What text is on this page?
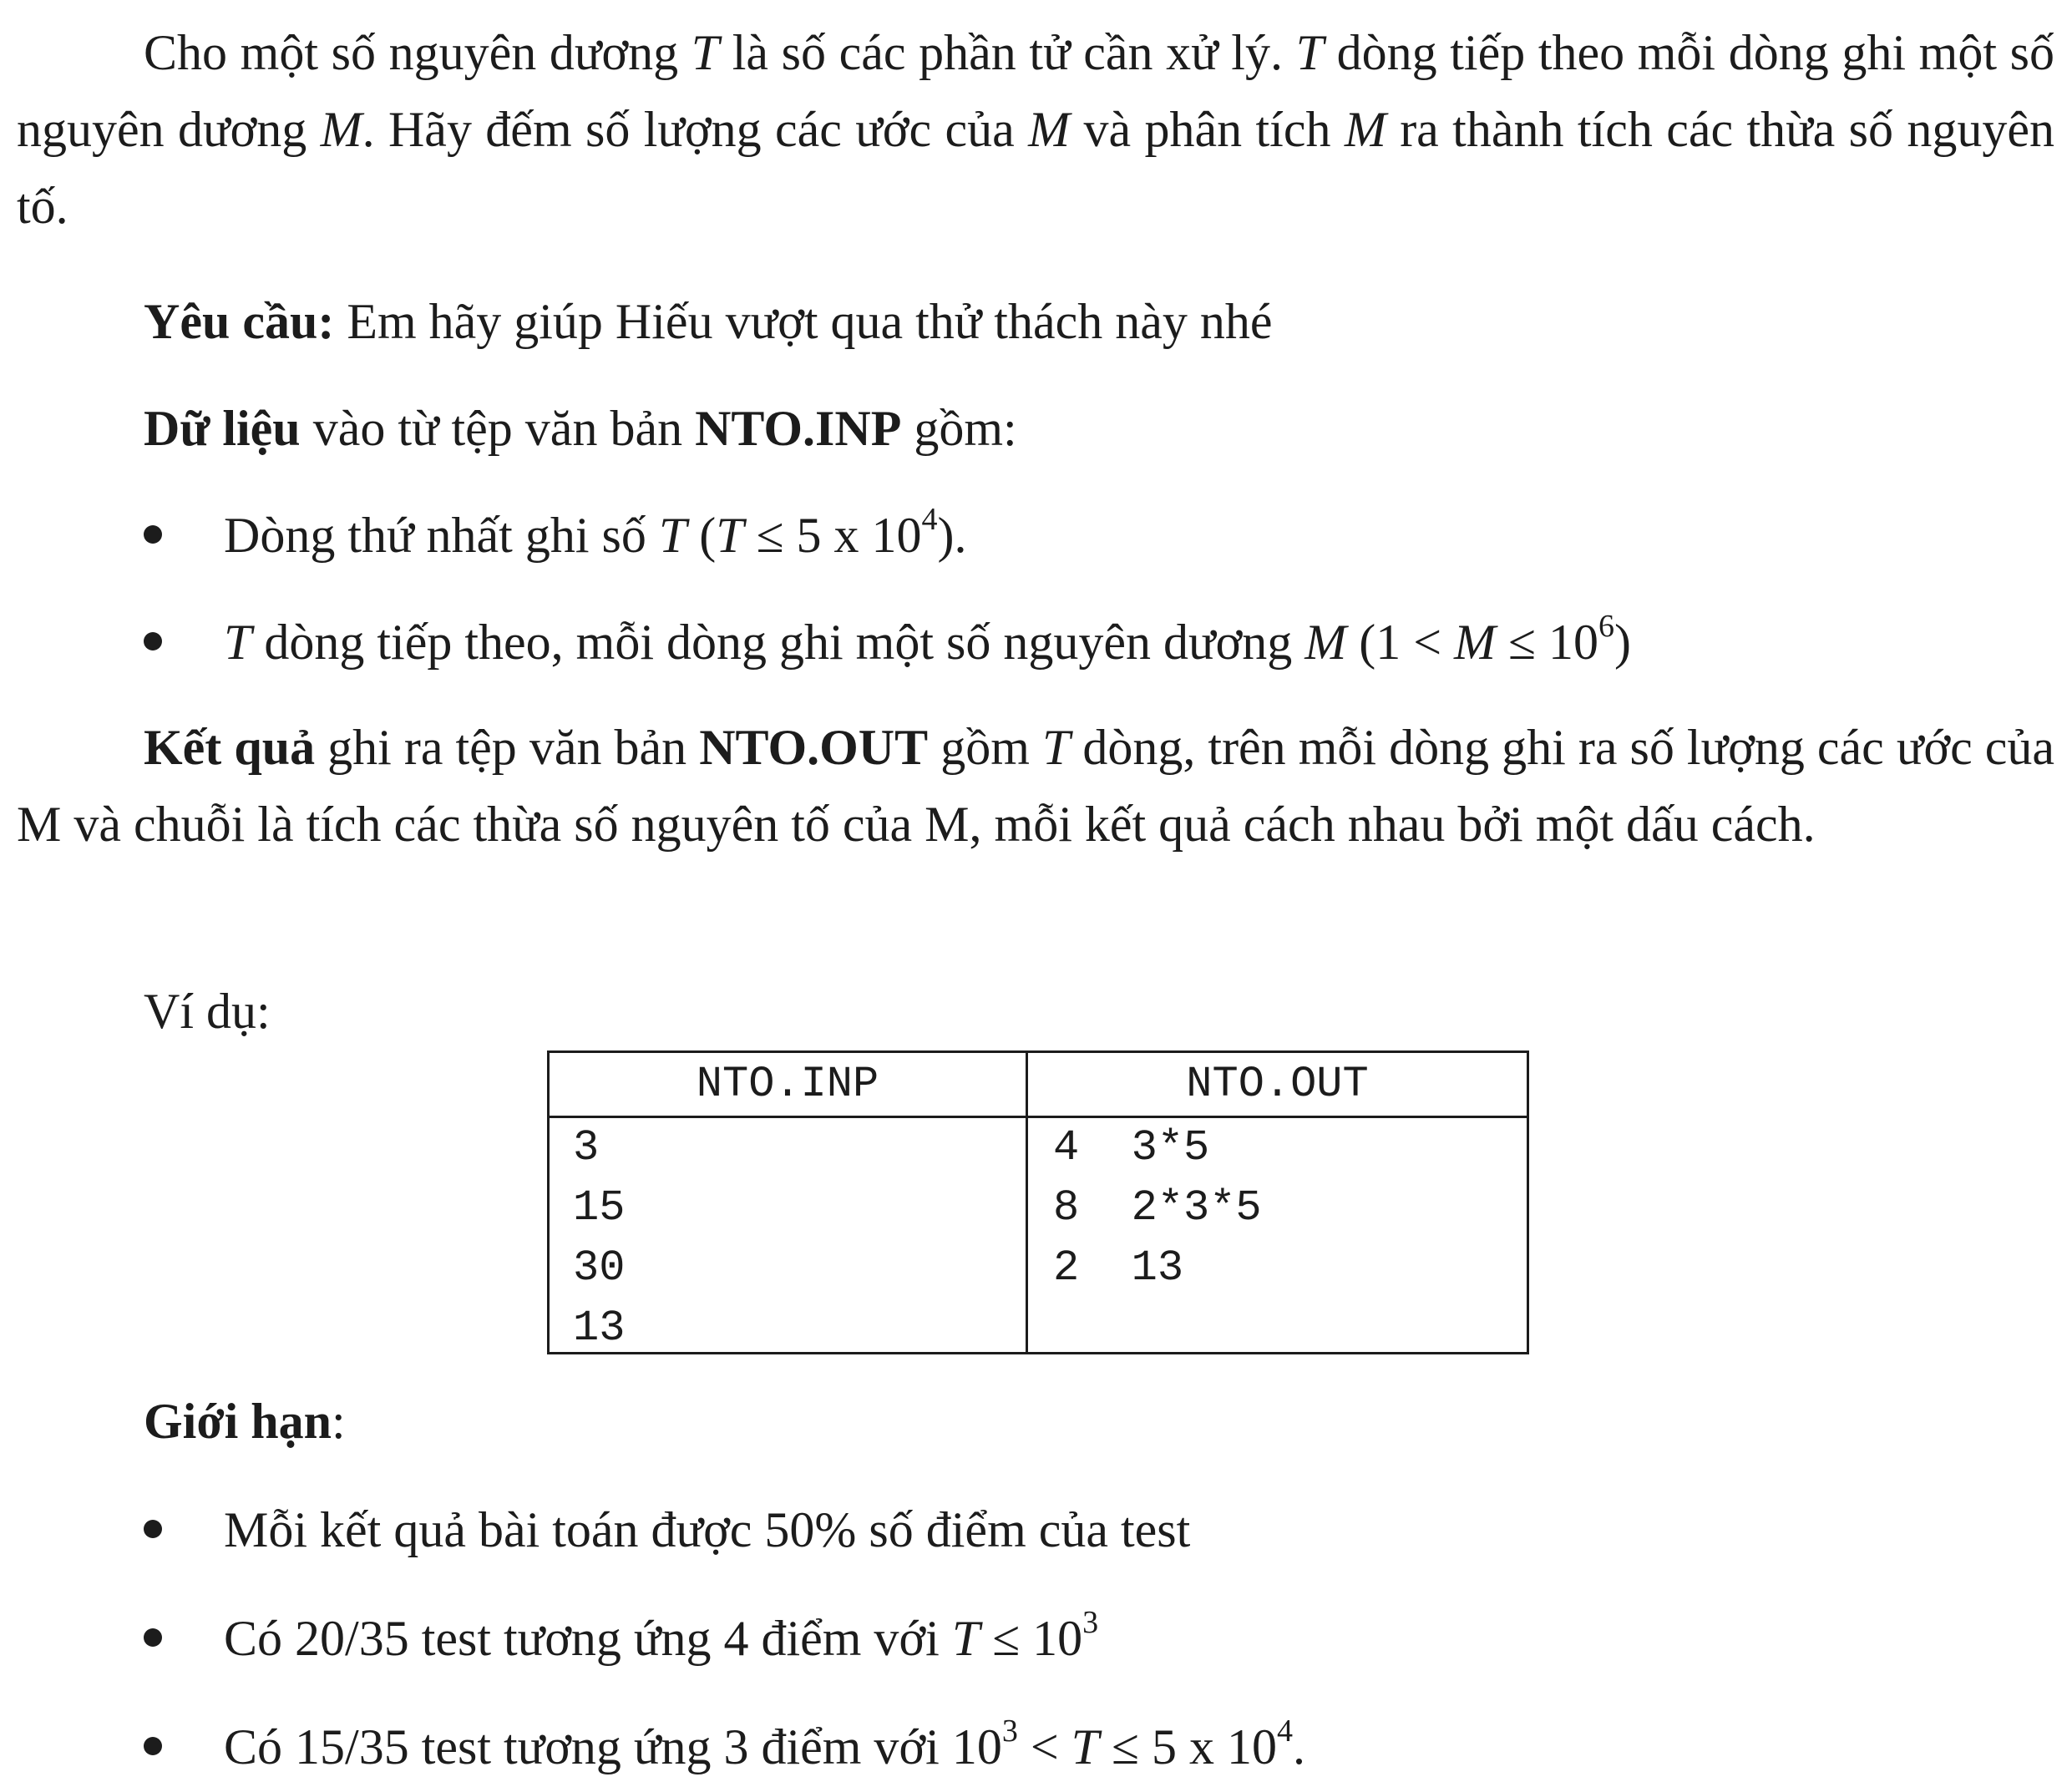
Cho một số nguyên dương T là số các phần tử cần xử lý. T dòng tiếp theo mỗi dòng ghi một số nguyên dương M. Hãy đếm số lượng các ước của M và phân tích M ra thành tích các thừa số nguyên tố.

Yêu cầu: Em hãy giúp Hiếu vượt qua thử thách này nhé

Dữ liệu vào từ tệp văn bản NTO.INP gồm:

Dòng thứ nhất ghi số T (T ≤ 5 x $10^4$).
T dòng tiếp theo, mỗi dòng ghi một số nguyên dương M $(1 < M \le 10^6)$

Kết quả ghi ra tệp văn bản NTO.OUT gồm T dòng, trên mỗi dòng ghi ra số lượng các ước của M và chuỗi là tích các thừa số nguyên tố của M, mỗi kết quả cách nhau bởi một dấu cách.

Ví dụ:

NTO.INP	NTO.OUT
3
15
30
13
4  3*5
8  2*3*5
2  13

Giới hạn:

Mỗi kết quả bài toán được 50% số điểm của test
Có 20/35 test tương ứng 4 điểm với $T \le 10^3$
Có 15/35 test tương ứng 3 điểm với $10^3 < T \le 5$ x $10^4$.
